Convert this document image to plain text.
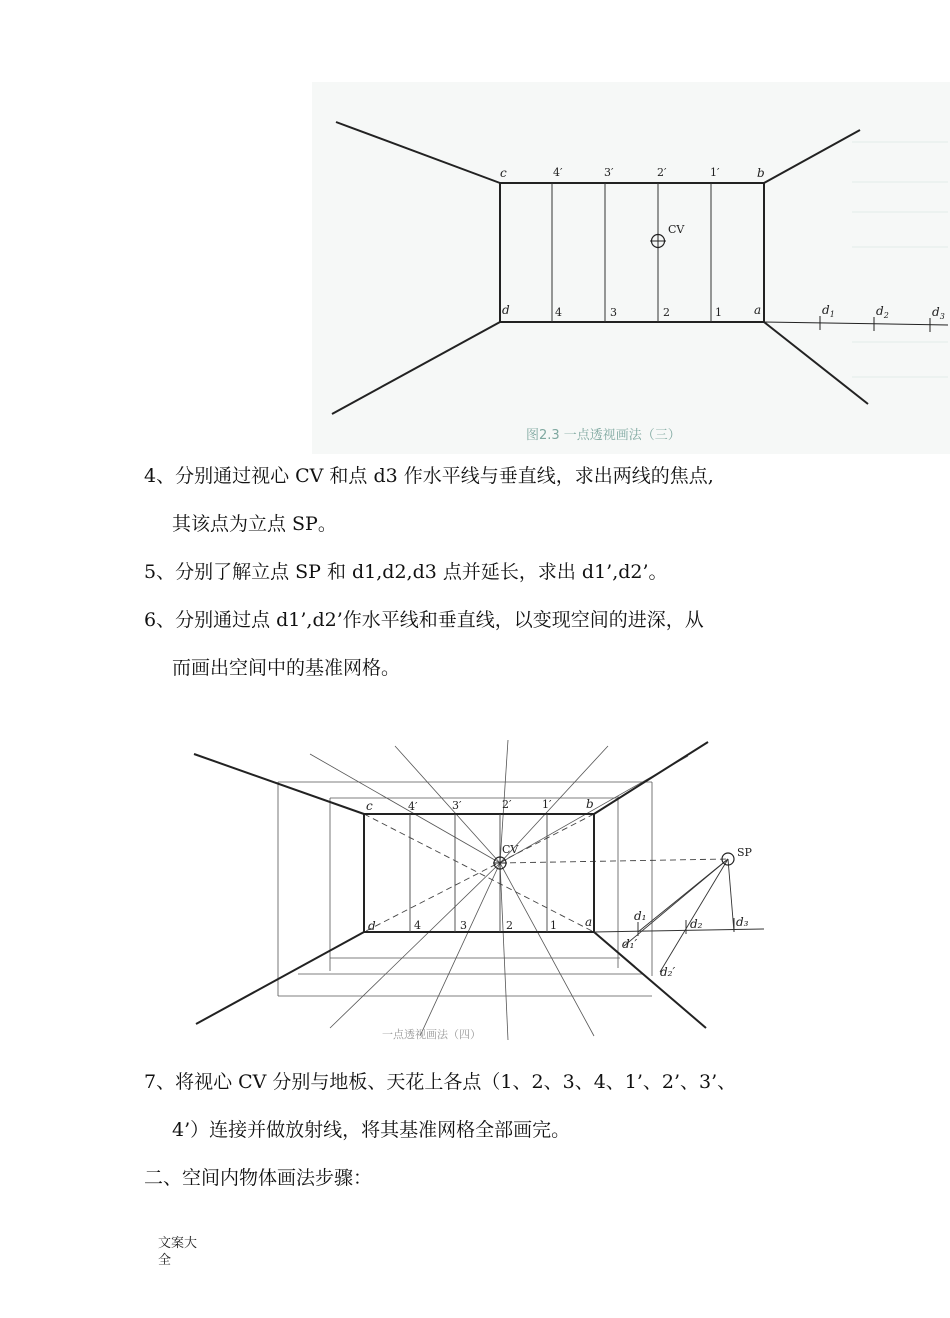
c	b
d	a
CV
4′	3′	2′	1′
4	3	2	1	$d_1$	$d_2$	$d_3$
图2.3 一点透视画法（三）
4、分别通过视心 CV 和点 d3 作水平线与垂直线，求出两线的焦点,
其该点为立点 SP。
5、分别了解立点 SP 和 d1,d2,d3 点并延长，求出 d1’,d2’。
6、分别通过点 d1’,d2’作水平线和垂直线，以变现空间的进深，从
而画出空间中的基准网格。
c	b
d	a
CV	SP
4′	3′	2′	1′
4	3	2	1
d₁
d₂	d₃
d₁′
d₂′
一点透视画法（四）
7、将视心 CV 分别与地板、天花上各点（1、2、3、4、1’、2’、3’、
4’）连接并做放射线，将其基准网格全部画完。
二、空间内物体画法步骤：
文案大
全
